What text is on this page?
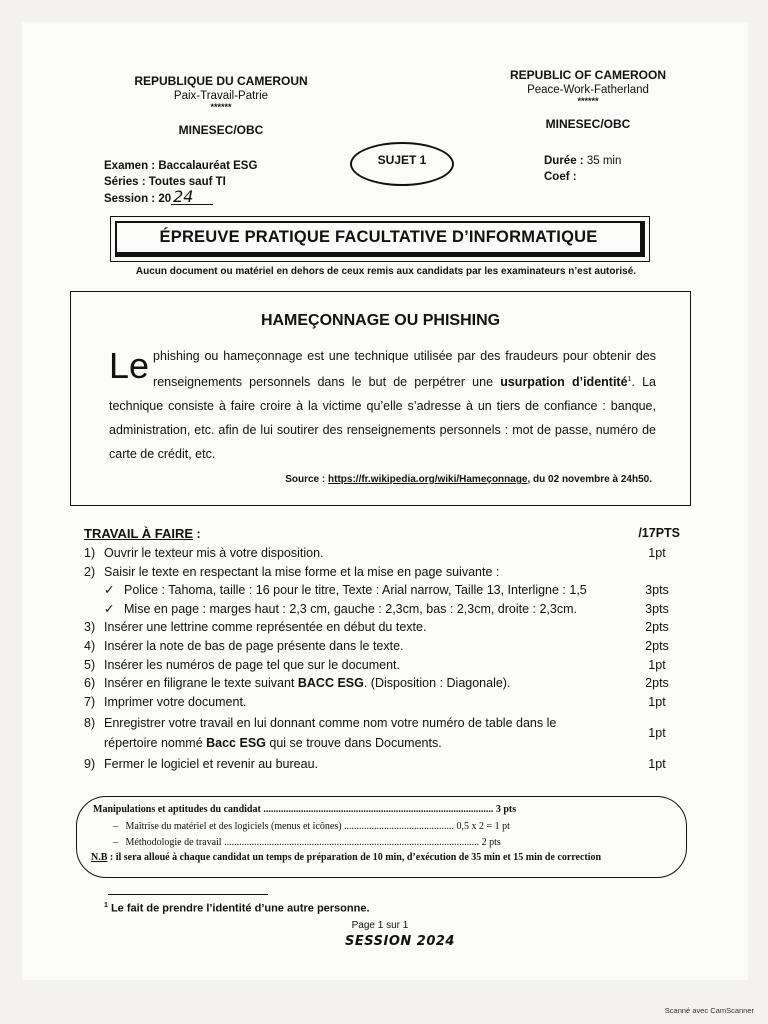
REPUBLIQUE DU CAMEROUN
Paix-Travail-Patrie
******
MINESEC/OBC
REPUBLIC OF CAMEROON
Peace-Work-Fatherland
******
MINESEC/OBC
Examen : Baccalauréat ESG
Séries : Toutes sauf TI
Session : 20 24
SUJET 1	Durée : 35 min
Coef :
ÉPREUVE PRATIQUE FACULTATIVE D’INFORMATIQUE
Aucun document ou matériel en dehors de ceux remis aux candidats par les examinateurs n’est autorisé.
HAMEÇONNAGE OU PHISHING
Le phishing ou hameçonnage est une technique utilisée par des fraudeurs pour obtenir des renseignements personnels dans le but de perpétrer une usurpation d’identité$^1$. La technique consiste à faire croire à la victime qu’elle s’adresse à un tiers de confiance : banque, administration, etc. afin de lui soutirer des renseignements personnels : mot de passe, numéro de carte de crédit, etc.
Source : https://fr.wikipedia.org/wiki/Hameçonnage, du 02 novembre à 24h50.
TRAVAIL À FAIRE :	/17PTS
1) Ouvrir le texteur mis à votre disposition.	1pt
2) Saisir le texte en respectant la mise forme et la mise en page suivante :
✓ Police : Tahoma, taille : 16 pour le titre, Texte : Arial narrow, Taille 13, Interligne : 1,5	3pts
✓ Mise en page : marges haut : 2,3 cm, gauche : 2,3cm, bas : 2,3cm, droite : 2,3cm.	3pts
3) Insérer une lettrine comme représentée en début du texte.	2pts
4) Insérer la note de bas de page présente dans le texte.	2pts
5) Insérer les numéros de page tel que sur le document.	1pt
6) Insérer en filigrane le texte suivant BACC ESG. (Disposition : Diagonale).	2pts
7) Imprimer votre document.	1pt
8) Enregistrer votre travail en lui donnant comme nom votre numéro de table dans le répertoire nommé Bacc ESG qui se trouve dans Documents.
1pt
9) Fermer le logiciel et revenir au bureau.	1pt
Manipulations et aptitudes du candidat ............................................................................................ 3 pts
– Maîtrise du matériel et des logiciels (menus et icônes) ............................................ 0,5 x 2 = 1 pt
– Méthodologie de travail ...................................................................................................... 2 pts
N.B : il sera alloué à chaque candidat un temps de préparation de 10 min, d’exécution de 35 min et 15 min de correction
$^1$ Le fait de prendre l’identité d’une autre personne.
Page 1 sur 1
SESSION 2024
Scanné avec CamScanner
